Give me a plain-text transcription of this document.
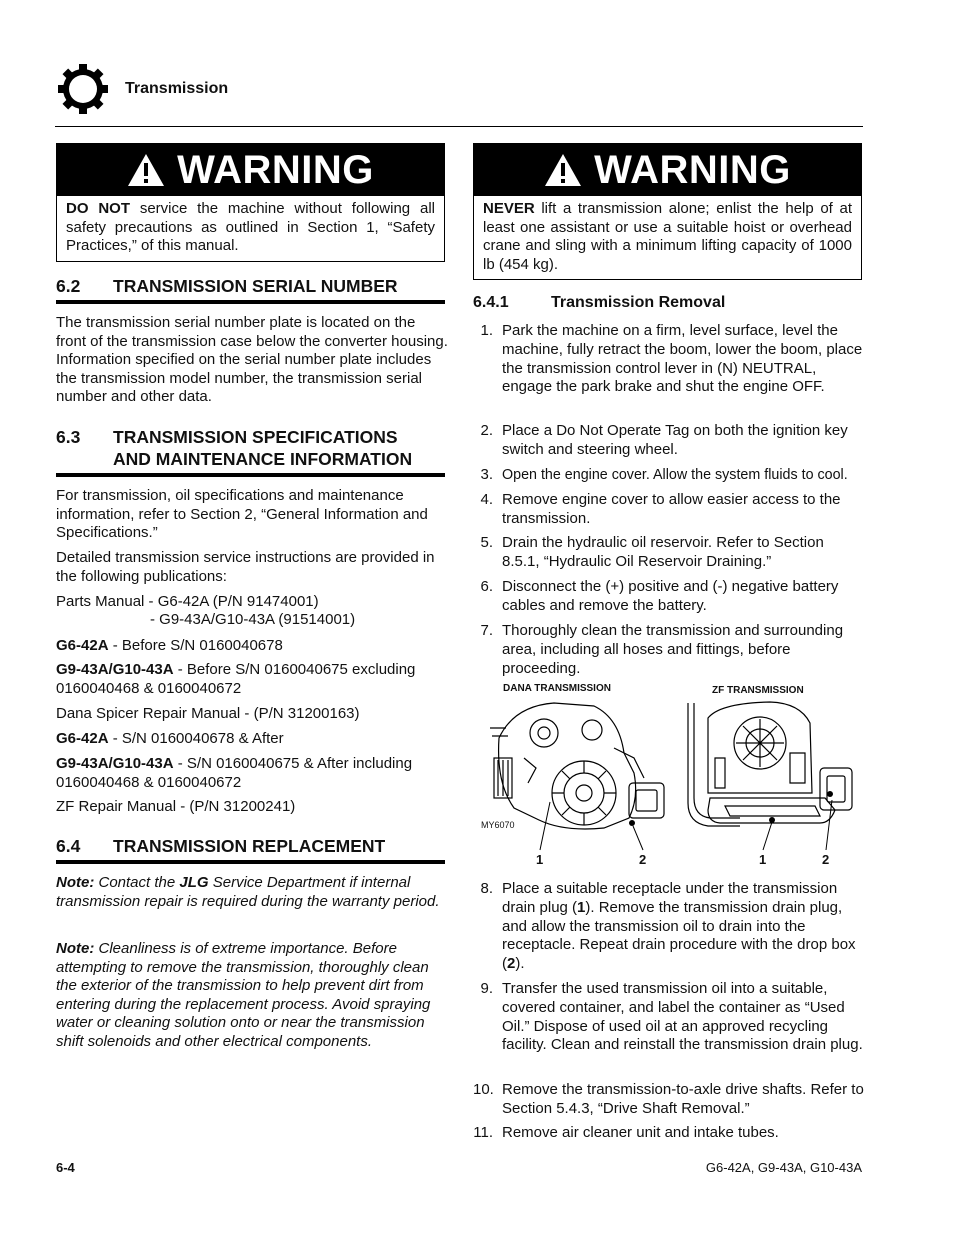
Transmission
WARNING
DO NOT service the machine without following all safety precautions as outlined in Section 1, “Safety Practices,” of this manual.
WARNING
NEVER lift a transmission alone; enlist the help of at least one assistant or use a suitable hoist or overhead crane and sling with a minimum lifting capacity of 1000 lb (454 kg).
6.2 TRANSMISSION SERIAL NUMBER
The transmission serial number plate is located on the front of the transmission case below the converter housing. Information specified on the serial number plate includes the transmission model number, the transmission serial number and other data.
6.3 TRANSMISSION SPECIFICATIONS
AND MAINTENANCE INFORMATION
For transmission, oil specifications and maintenance information, refer to Section 2, “General Information and Specifications.”
Detailed transmission service instructions are provided in the following publications:
Parts Manual - G6-42A (P/N 91474001)
- G9-43A/G10-43A (91514001)
G6-42A - Before S/N 0160040678
G9-43A/G10-43A - Before S/N 0160040675 excluding
0160040468 & 0160040672
Dana Spicer Repair Manual - (P/N 31200163)
G6-42A - S/N 0160040678 & After
G9-43A/G10-43A - S/N 0160040675 & After including
0160040468 & 0160040672
ZF Repair Manual - (P/N 31200241)
6.4 TRANSMISSION REPLACEMENT
Note: Contact the JLG Service Department if internal transmission repair is required during the warranty period.
Note: Cleanliness is of extreme importance. Before attempting to remove the transmission, thoroughly clean the exterior of the transmission to help prevent dirt from entering during the replacement process. Avoid spraying water or cleaning solution onto or near the transmission shift solenoids and other electrical components.
6.4.1	Transmission Removal
1. Park the machine on a firm, level surface, level the machine, fully retract the boom, lower the boom, place the transmission control lever in (N) NEUTRAL, engage the park brake and shut the engine OFF.
2. Place a Do Not Operate Tag on both the ignition key switch and steering wheel.
3. Open the engine cover. Allow the system fluids to cool.
4. Remove engine cover to allow easier access to the transmission.
5. Drain the hydraulic oil reservoir. Refer to Section 8.5.1, “Hydraulic Oil Reservoir Draining.”
6. Disconnect the (+) positive and (-) negative battery cables and remove the battery.
7. Thoroughly clean the transmission and surrounding area, including all hoses and fittings, before proceeding.
DANA TRANSMISSION	ZF TRANSMISSION
MY6070
1	2	1	2
8. Place a suitable receptacle under the transmission drain plug (1). Remove the transmission drain plug, and allow the transmission oil to drain into the receptacle. Repeat drain procedure with the drop box (2).
9. Transfer the used transmission oil into a suitable, covered container, and label the container as “Used Oil.” Dispose of used oil at an approved recycling facility. Clean and reinstall the transmission drain plug.
10. Remove the transmission-to-axle drive shafts. Refer to Section 5.4.3, “Drive Shaft Removal.”
11. Remove air cleaner unit and intake tubes.
6-4	G6-42A, G9-43A, G10-43A
